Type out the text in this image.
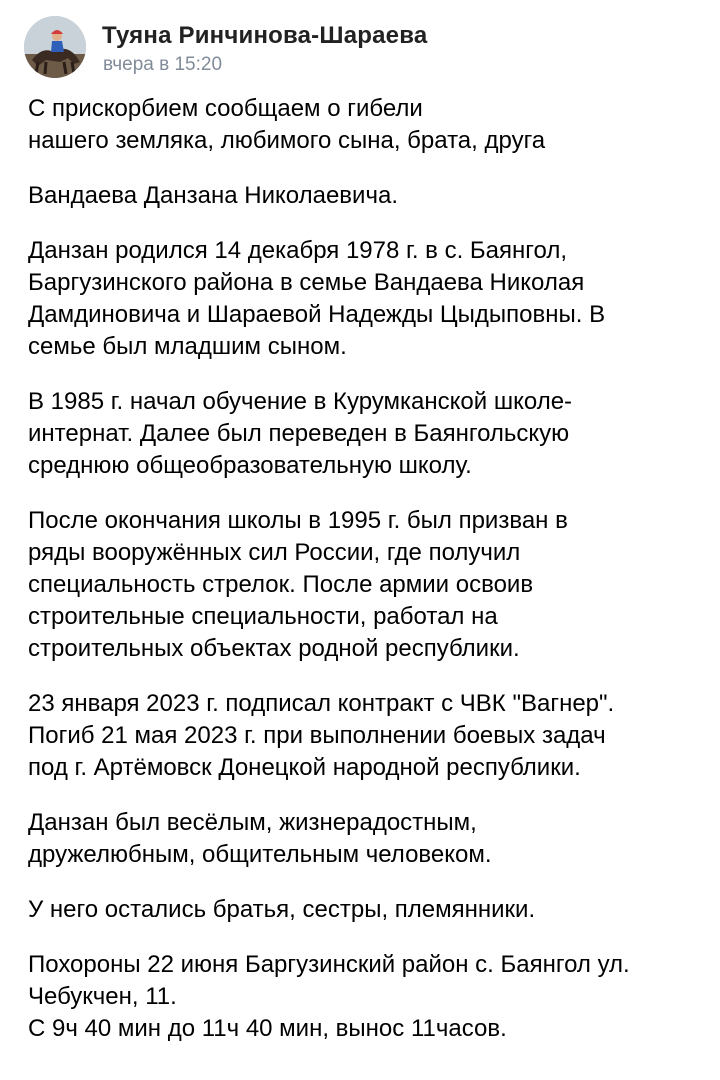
Туяна Ринчинова-Шараева
вчера в 15:20

С прискорбием сообщаем о гибели
нашего земляка, любимого сына, брата, друга

Вандаева Данзана Николаевича.

Данзан родился 14 декабря 1978 г. в с. Баянгол,
Баргузинского района в семье Вандаева Николая
Дамдиновича и Шараевой Надежды Цыдыповны. В
семье был младшим сыном.

В 1985 г. начал обучение в Курумканской школе-
интернат. Далее был переведен в Баянгольскую
среднюю общеобразовательную школу.

После окончания школы в 1995 г. был призван в
ряды вооружённых сил России, где получил
специальность стрелок. После армии освоив
строительные специальности, работал на
строительных объектах родной республики.

23 января 2023 г. подписал контракт с ЧВК "Вагнер".
Погиб 21 мая 2023 г. при выполнении боевых задач
под г. Артёмовск Донецкой народной республики.

Данзан был весёлым, жизнерадостным,
дружелюбным, общительным человеком.

У него остались братья, сестры, племянники.

Похороны 22 июня Баргузинский район с. Баянгол ул.
Чебукчен, 11.
С 9ч 40 мин до 11ч 40 мин, вынос 11часов.
